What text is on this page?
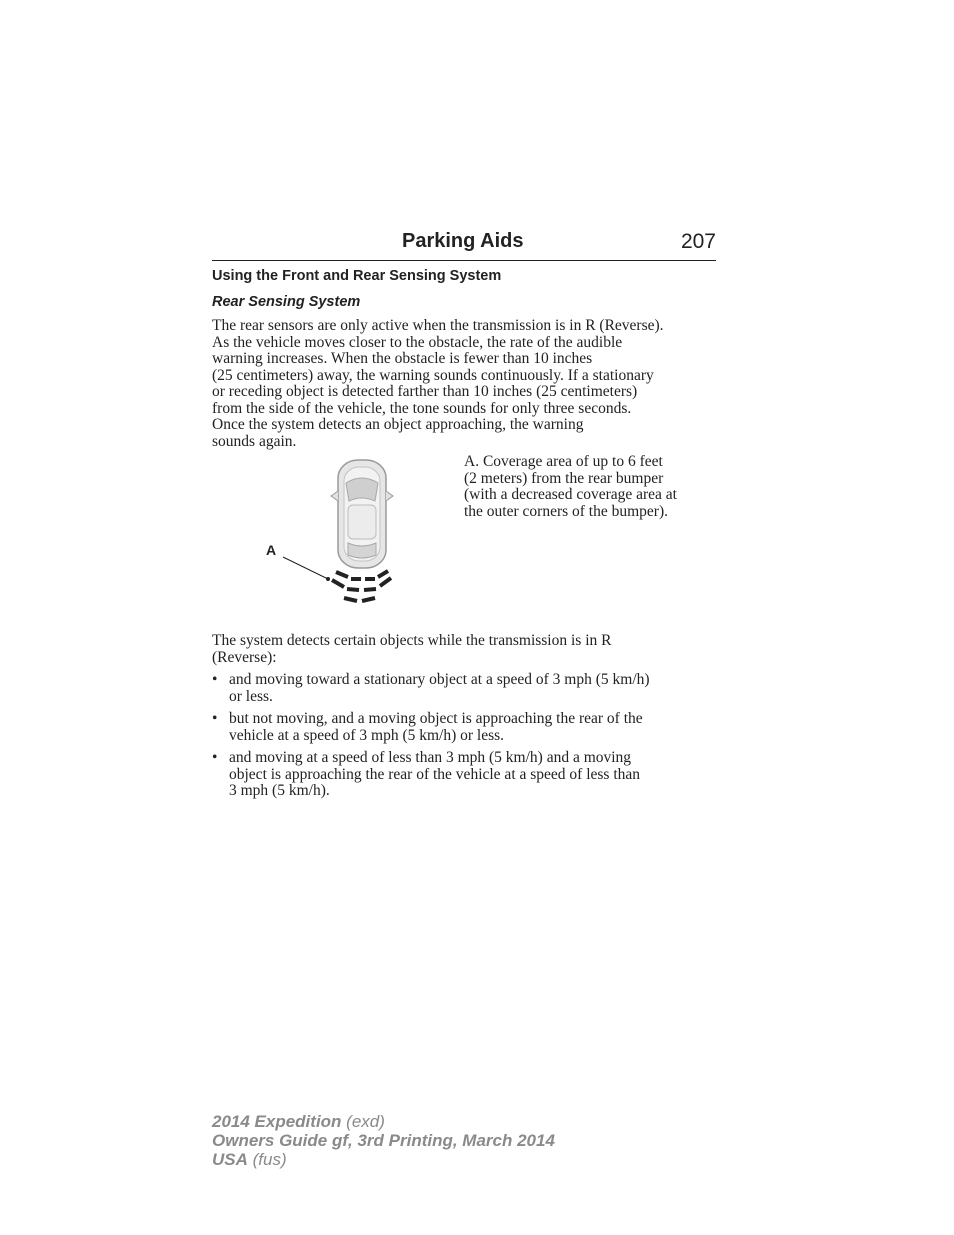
Parking Aids	207
Using the Front and Rear Sensing System
Rear Sensing System
The rear sensors are only active when the transmission is in R (Reverse).
As the vehicle moves closer to the obstacle, the rate of the audible
warning increases. When the obstacle is fewer than 10 inches
(25 centimeters) away, the warning sounds continuously. If a stationary
or receding object is detected farther than 10 inches (25 centimeters)
from the side of the vehicle, the tone sounds for only three seconds.
Once the system detects an object approaching, the warning
sounds again.
A
A. Coverage area of up to 6 feet
(2 meters) from the rear bumper
(with a decreased coverage area at
the outer corners of the bumper).
The system detects certain objects while the transmission is in R
(Reverse):
• and moving toward a stationary object at a speed of 3 mph (5 km/h)
or less.
• but not moving, and a moving object is approaching the rear of the
vehicle at a speed of 3 mph (5 km/h) or less.
• and moving at a speed of less than 3 mph (5 km/h) and a moving
object is approaching the rear of the vehicle at a speed of less than
3 mph (5 km/h).
2014 Expedition (exd)
Owners Guide gf, 3rd Printing, March 2014
USA (fus)
